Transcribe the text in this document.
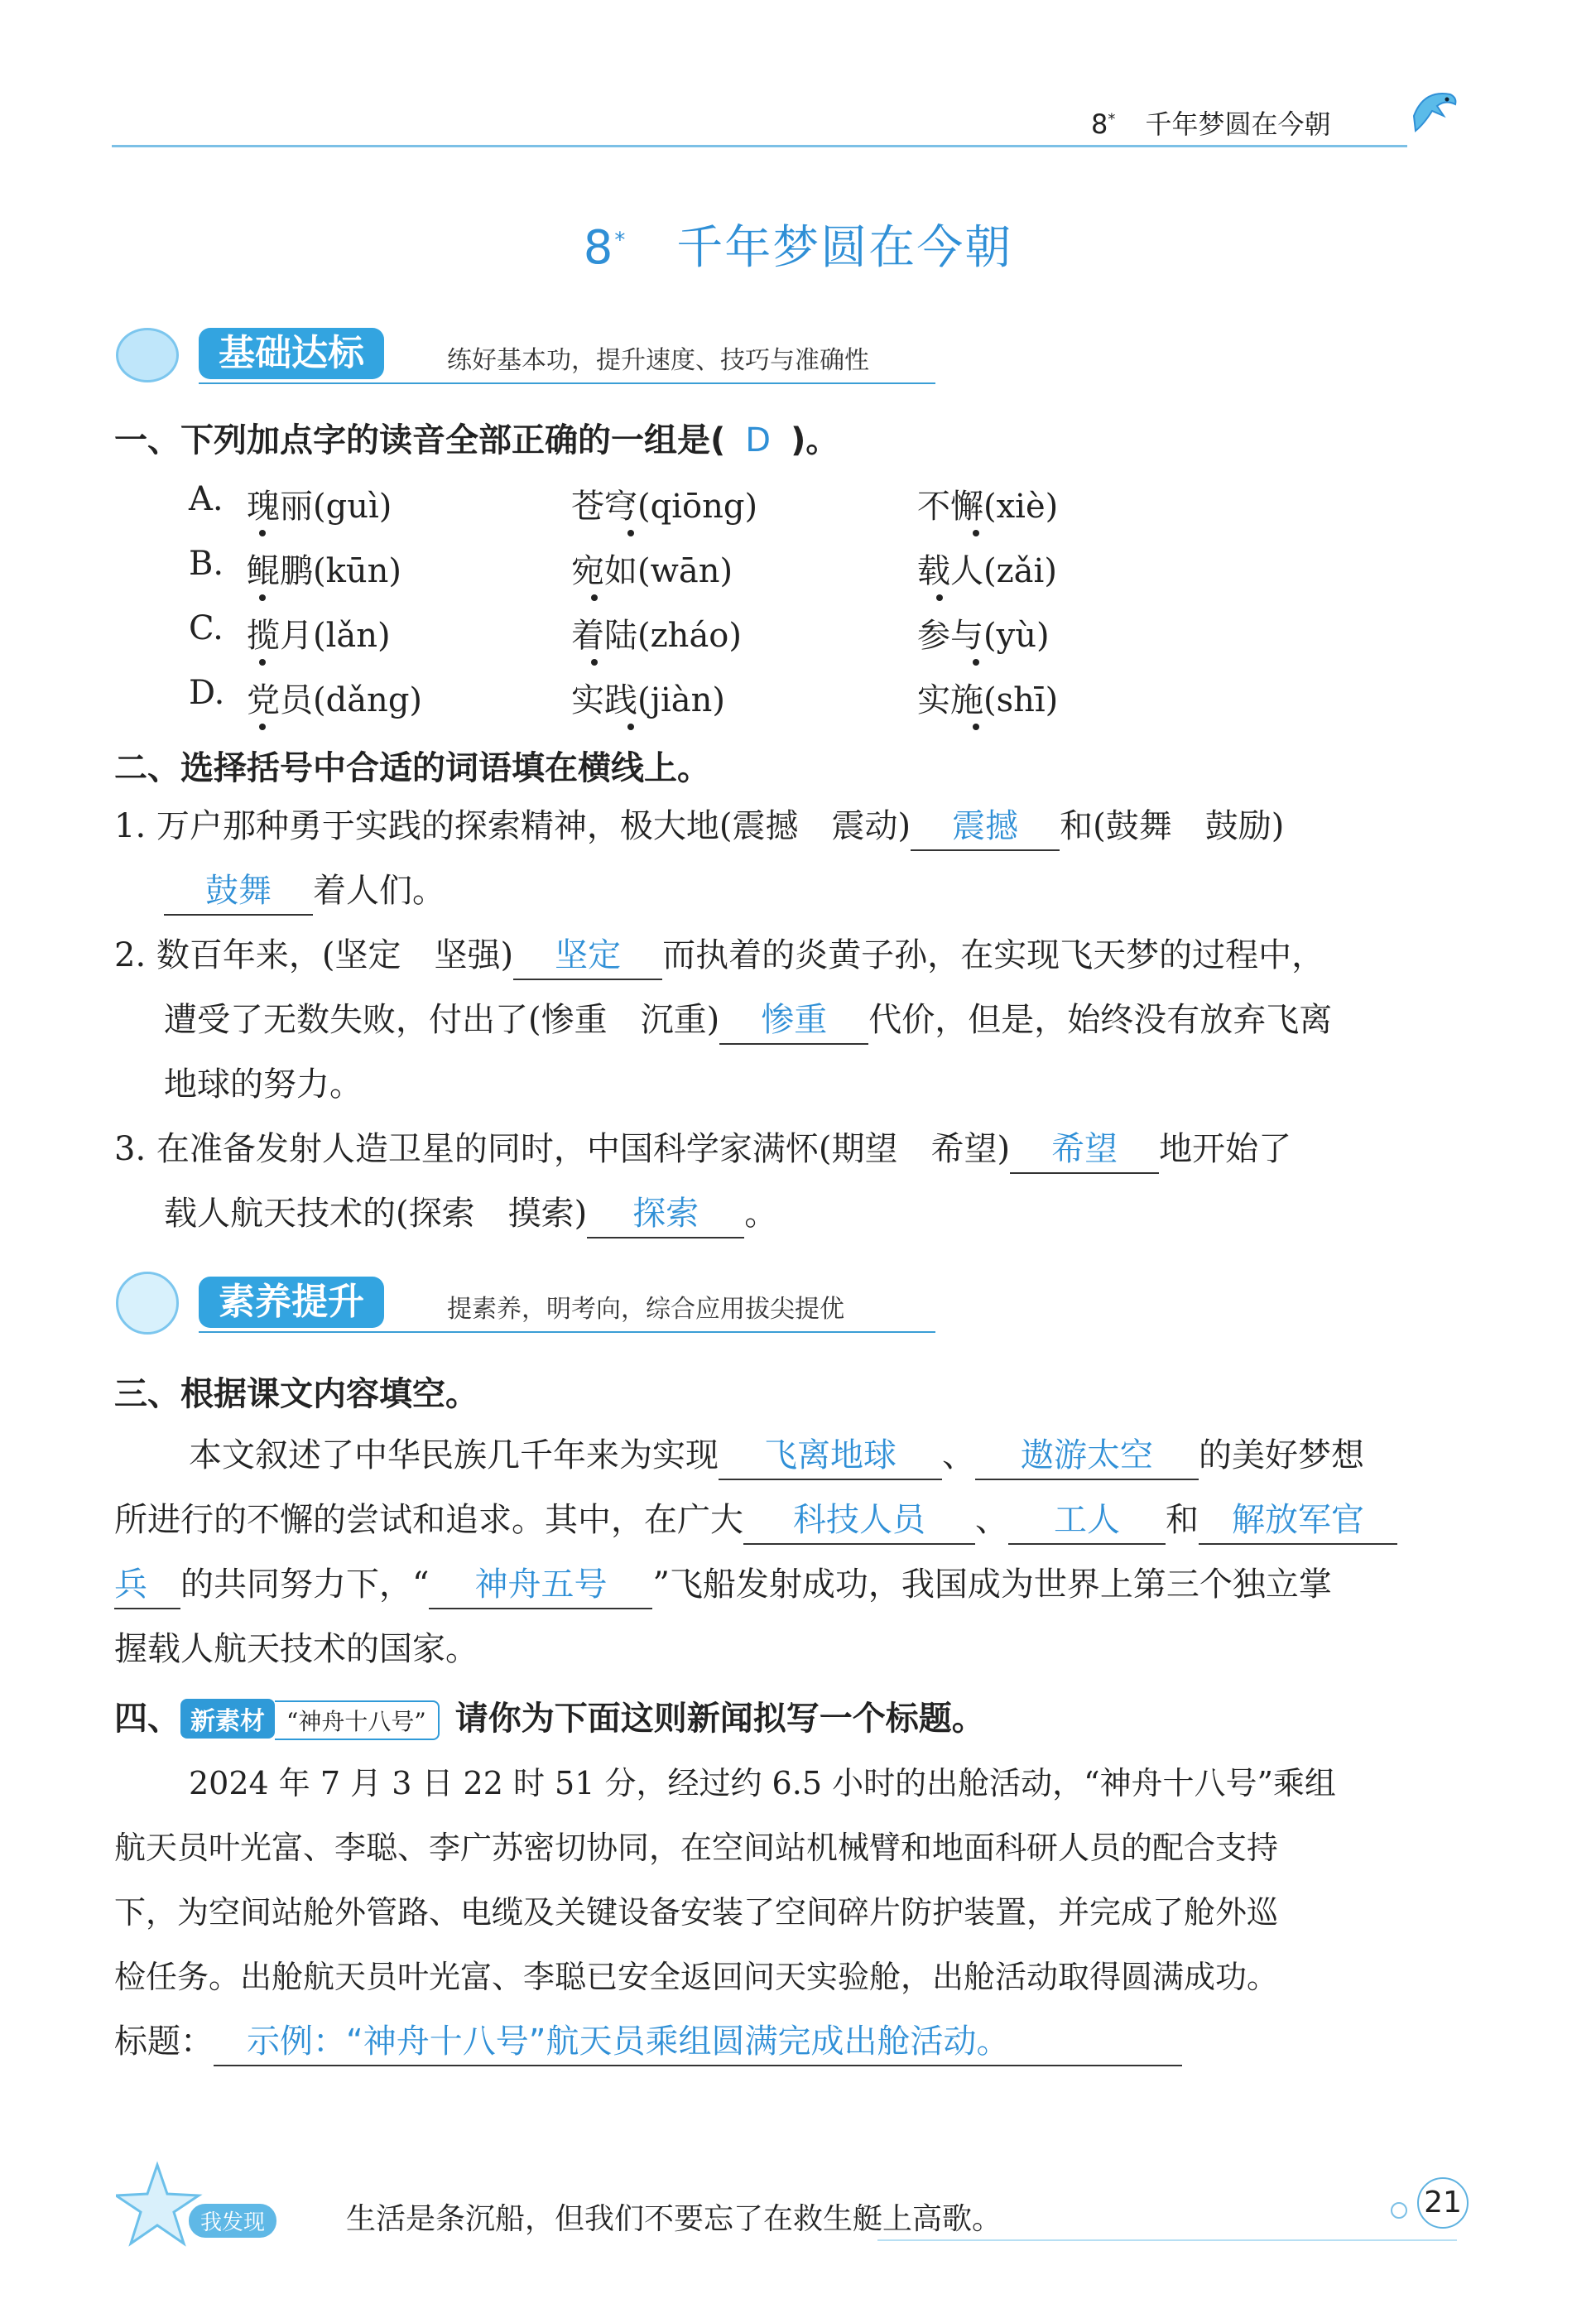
8* 千年梦圆在今朝
8* 千年梦圆在今朝
基础达标	练好基本功，提升速度、技巧与准确性
一、下列加点字的读音全部正确的一组是( D )。
A. 瑰丽(guì)	苍穹(qiōng)	不懈(xiè)
B. 鲲鹏(kūn)	宛如(wān)	载人(zǎi)
C. 揽月(lǎn)	着陆(zháo)	参与(yù)
D. 党员(dǎng)	实践(jiàn)	实施(shī)
二、选择括号中合适的词语填在横线上。
1. 万户那种勇于实践的探索精神，极大地(震撼　震动) 震撼 和(鼓舞　鼓励)
鼓舞 着人们。
2. 数百年来，(坚定　坚强) 坚定 而执着的炎黄子孙，在实现飞天梦的过程中，
遭受了无数失败，付出了(惨重　沉重) 惨重 代价，但是，始终没有放弃飞离
地球的努力。
3. 在准备发射人造卫星的同时，中国科学家满怀(期望　希望) 希望 地开始了
载人航天技术的(探索　摸索) 探索 。
素养提升	提素养，明考向，综合应用拔尖提优
三、根据课文内容填空。
本文叙述了中华民族几千年来为实现 飞离地球 、 遨游太空 的美好梦想
所进行的不懈的尝试和追求。其中，在广大 科技人员 、 工人 和 解放军官
兵 的共同努力下，“ 神舟五号 ”飞船发射成功，我国成为世界上第三个独立掌
握载人航天技术的国家。
四、 新素材 “神舟十八号” 请你为下面这则新闻拟写一个标题。
2024 年 7 月 3 日 22 时 51 分，经过约 6.5 小时的出舱活动，“神舟十八号”乘组
航天员叶光富、李聪、李广苏密切协同，在空间站机械臂和地面科研人员的配合支持
下，为空间站舱外管路、电缆及关键设备安装了空间碎片防护装置，并完成了舱外巡
检任务。出舱航天员叶光富、李聪已安全返回问天实验舱，出舱活动取得圆满成功。
标题： 示例：“神舟十八号”航天员乘组圆满完成出舱活动。
我发现	生活是条沉船，但我们不要忘了在救生艇上高歌。	21
